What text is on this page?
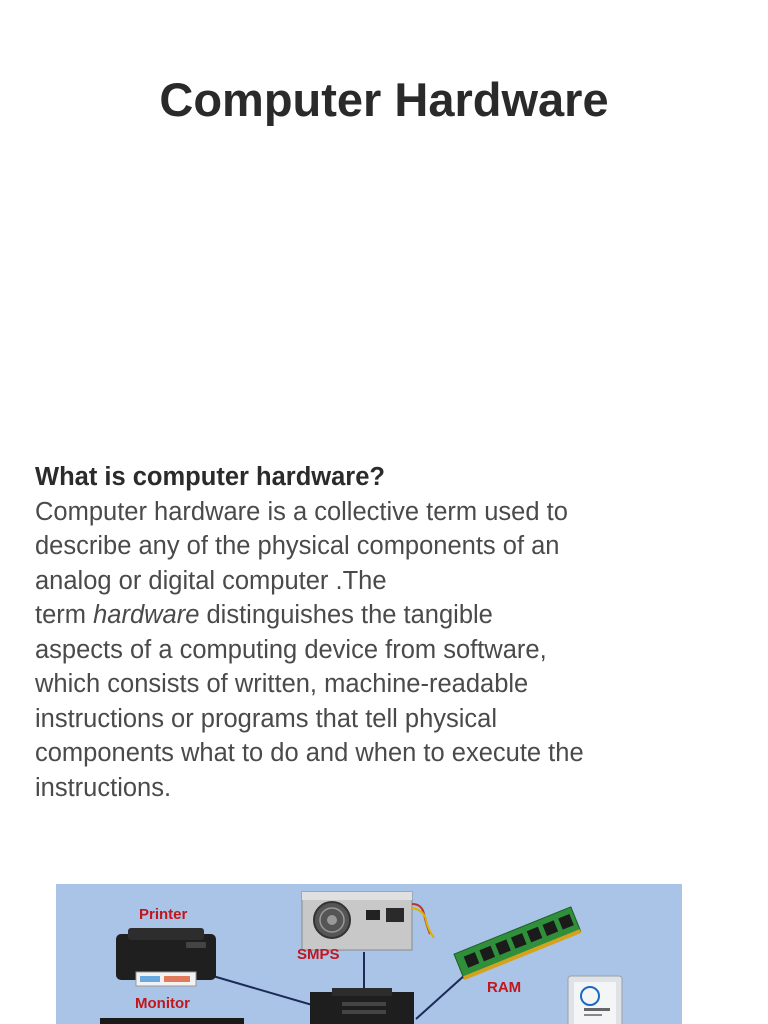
Computer Hardware

What is computer hardware?

Computer hardware is a collective term used to
describe any of the physical components of an
analog or digital computer .The
term hardware distinguishes the tangible
aspects of a computing device from software,
which consists of written, machine-readable
instructions or programs that tell physical
components what to do and when to execute the
instructions.

Printer
SMPS
RAM
Monitor
